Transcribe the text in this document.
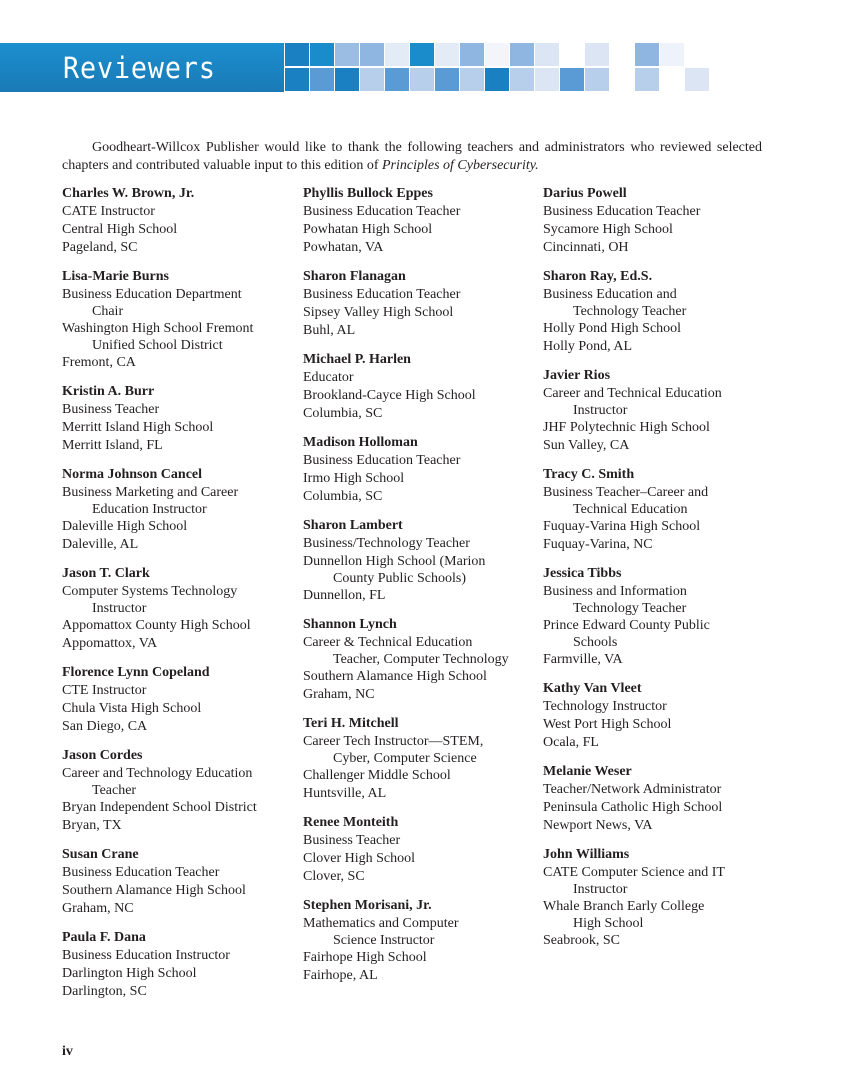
Reviewers

Goodheart-Willcox Publisher would like to thank the following teachers and administrators who reviewed selected chapters and contributed valuable input to this edition of Principles of Cybersecurity.

Charles W. Brown, Jr.
CATE Instructor
Central High School
Pageland, SC
Lisa-Marie Burns
Business Education Department
Chair
Washington High School Fremont
Unified School District
Fremont, CA
Kristin A. Burr
Business Teacher
Merritt Island High School
Merritt Island, FL
Norma Johnson Cancel
Business Marketing and Career
Education Instructor
Daleville High School
Daleville, AL
Jason T. Clark
Computer Systems Technology
Instructor
Appomattox County High School
Appomattox, VA
Florence Lynn Copeland
CTE Instructor
Chula Vista High School
San Diego, CA
Jason Cordes
Career and Technology Education
Teacher
Bryan Independent School District
Bryan, TX
Susan Crane
Business Education Teacher
Southern Alamance High School
Graham, NC
Paula F. Dana
Business Education Instructor
Darlington High School
Darlington, SC
Phyllis Bullock Eppes
Business Education Teacher
Powhatan High School
Powhatan, VA
Sharon Flanagan
Business Education Teacher
Sipsey Valley High School
Buhl, AL
Michael P. Harlen
Educator
Brookland-Cayce High School
Columbia, SC
Madison Holloman
Business Education Teacher
Irmo High School
Columbia, SC
Sharon Lambert
Business/Technology Teacher
Dunnellon High School (Marion
County Public Schools)
Dunnellon, FL
Shannon Lynch
Career & Technical Education
Teacher, Computer Technology
Southern Alamance High School
Graham, NC
Teri H. Mitchell
Career Tech Instructor—STEM,
Cyber, Computer Science
Challenger Middle School
Huntsville, AL
Renee Monteith
Business Teacher
Clover High School
Clover, SC
Stephen Morisani, Jr.
Mathematics and Computer
Science Instructor
Fairhope High School
Fairhope, AL
Darius Powell
Business Education Teacher
Sycamore High School
Cincinnati, OH
Sharon Ray, Ed.S.
Business Education and
Technology Teacher
Holly Pond High School
Holly Pond, AL
Javier Rios
Career and Technical Education
Instructor
JHF Polytechnic High School
Sun Valley, CA
Tracy C. Smith
Business Teacher–Career and
Technical Education
Fuquay-Varina High School
Fuquay-Varina, NC
Jessica Tibbs
Business and Information
Technology Teacher
Prince Edward County Public
Schools
Farmville, VA
Kathy Van Vleet
Technology Instructor
West Port High School
Ocala, FL
Melanie Weser
Teacher/Network Administrator
Peninsula Catholic High School
Newport News, VA
John Williams
CATE Computer Science and IT
Instructor
Whale Branch Early College
High School
Seabrook, SC
iv
